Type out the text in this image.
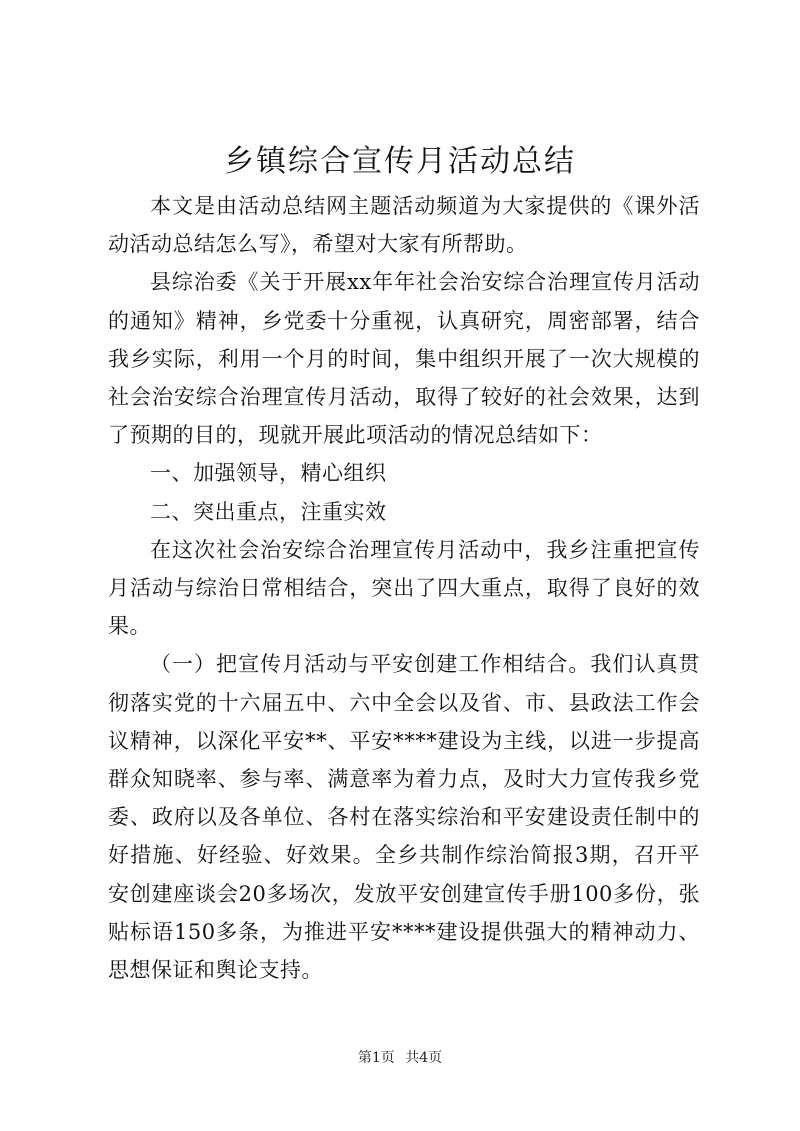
乡镇综合宣传月活动总结

本文是由活动总结网主题活动频道为大家提供的《课外活动活动总结怎么写》，希望对大家有所帮助。

县综治委《关于开展xx年年社会治安综合治理宣传月活动的通知》精神，乡党委十分重视，认真研究，周密部署，结合我乡实际，利用一个月的时间，集中组织开展了一次大规模的社会治安综合治理宣传月活动，取得了较好的社会效果，达到了预期的目的，现就开展此项活动的情况总结如下：

一、加强领导，精心组织

二、突出重点，注重实效

在这次社会治安综合治理宣传月活动中，我乡注重把宣传月活动与综治日常相结合，突出了四大重点，取得了良好的效果。

（一）把宣传月活动与平安创建工作相结合。我们认真贯彻落实党的十六届五中、六中全会以及省、市、县政法工作会议精神，以深化平安**、平安****建设为主线，以进一步提高群众知晓率、参与率、满意率为着力点，及时大力宣传我乡党委、政府以及各单位、各村在落实综治和平安建设责任制中的好措施、好经验、好效果。全乡共制作综治简报3期，召开平安创建座谈会20多场次，发放平安创建宣传手册100多份，张贴标语150多条，为推进平安****建设提供强大的精神动力、思想保证和舆论支持。

第1页 共4页
